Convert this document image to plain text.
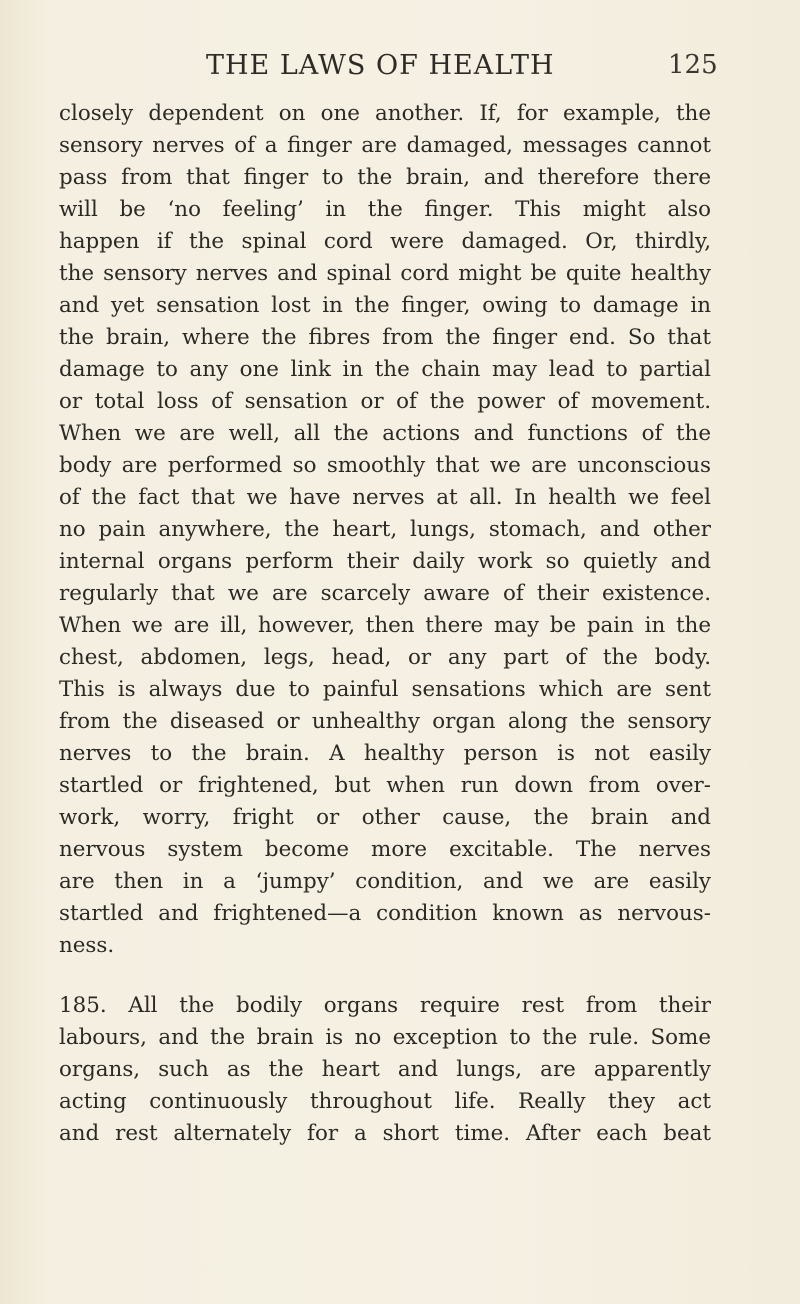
THE LAWS OF HEALTH	125
closely dependent on one another. If, for example, the
sensory nerves of a finger are damaged, messages cannot
pass from that finger to the brain, and therefore there
will be ‘no feeling’ in the finger. This might also
happen if the spinal cord were damaged. Or, thirdly,
the sensory nerves and spinal cord might be quite healthy
and yet sensation lost in the finger, owing to damage in
the brain, where the fibres from the finger end. So that
damage to any one link in the chain may lead to partial
or total loss of sensation or of the power of movement.
When we are well, all the actions and functions of the
body are performed so smoothly that we are unconscious
of the fact that we have nerves at all. In health we feel
no pain anywhere, the heart, lungs, stomach, and other
internal organs perform their daily work so quietly and
regularly that we are scarcely aware of their existence.
When we are ill, however, then there may be pain in the
chest, abdomen, legs, head, or any part of the body.
This is always due to painful sensations which are sent
from the diseased or unhealthy organ along the sensory
nerves to the brain. A healthy person is not easily
startled or frightened, but when run down from over-
work, worry, fright or other cause, the brain and
nervous system become more excitable. The nerves
are then in a ‘jumpy’ condition, and we are easily
startled and frightened—a condition known as nervous-
ness.
185. All the bodily organs require rest from their
labours, and the brain is no exception to the rule. Some
organs, such as the heart and lungs, are apparently
acting continuously throughout life. Really they act
and rest alternately for a short time. After each beat
